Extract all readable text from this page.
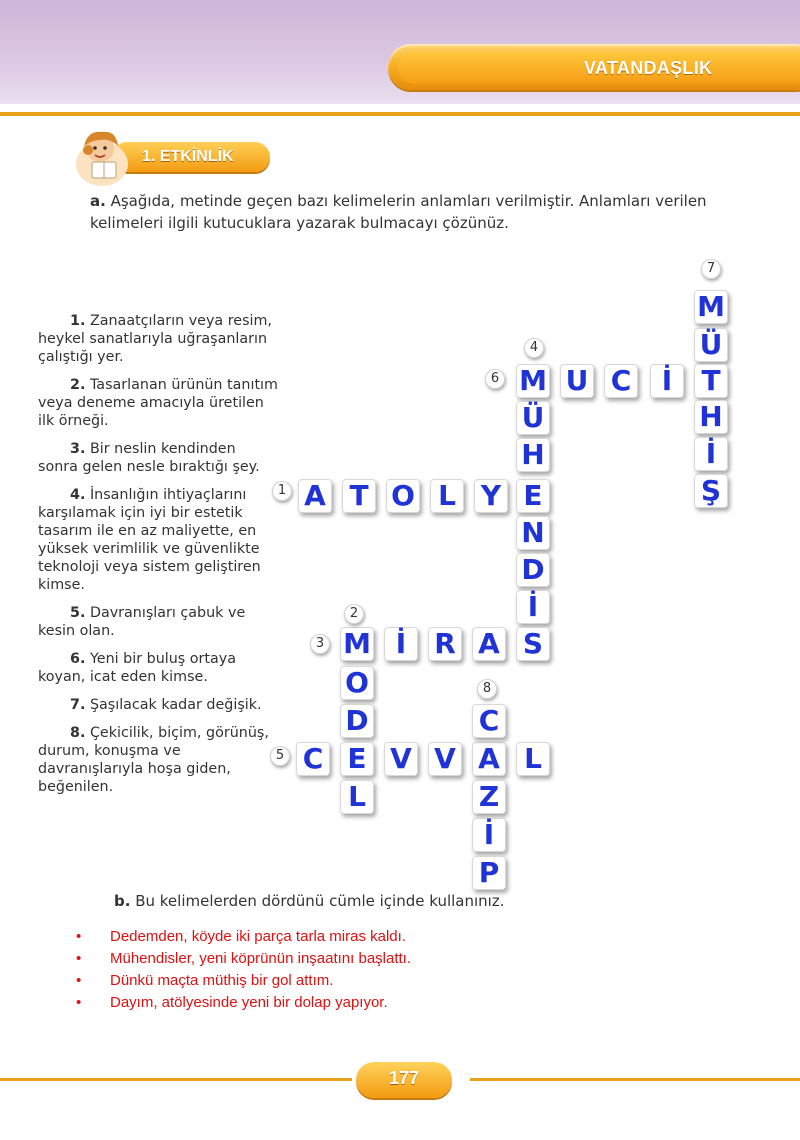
VATANDAŞLIK
1. ETKİNLİK
a. Aşağıda, metinde geçen bazı kelimelerin anlamları verilmiştir. Anlamları verilen kelimeleri ilgili kutucuklara yazarak bulmacayı çözünüz.
1. Zanaatçıların veya resim, heykel sanatlarıyla uğraşanların çalıştığı yer.
2. Tasarlanan ürünün tanıtım veya deneme amacıyla üretilen ilk örneği.
3. Bir neslin kendinden sonra gelen nesle bıraktığı şey.
4. İnsanlığın ihtiyaçlarını karşılamak için iyi bir estetik tasarım ile en az maliyette, en yüksek verimlilik ve güvenlikte teknoloji veya sistem geliştiren kimse.
5. Davranışları çabuk ve kesin olan.
6. Yeni bir buluş ortaya koyan, icat eden kimse.
7. Şaşılacak kadar değişik.
8. Çekicilik, biçim, görünüş, durum, konuşma ve davranışlarıyla hoşa giden, beğenilen.
M
Ü
T
H
İ
Ş
M U C	İ
Ü
H
E
N
D
İ
S
A T O L Y
M İ	R A
O
D
E
L
C V V A L
C
Z
İ
P
1
2
3
4
5
6
7
8
b. Bu kelimelerden dördünü cümle içinde kullanınız.
• Dedemden, köyde iki parça tarla miras kaldı.
• Mühendisler, yeni köprünün inşaatını başlattı.
• Dünkü maçta müthiş bir gol attım.
• Dayım, atölyesinde yeni bir dolap yapıyor.
177
